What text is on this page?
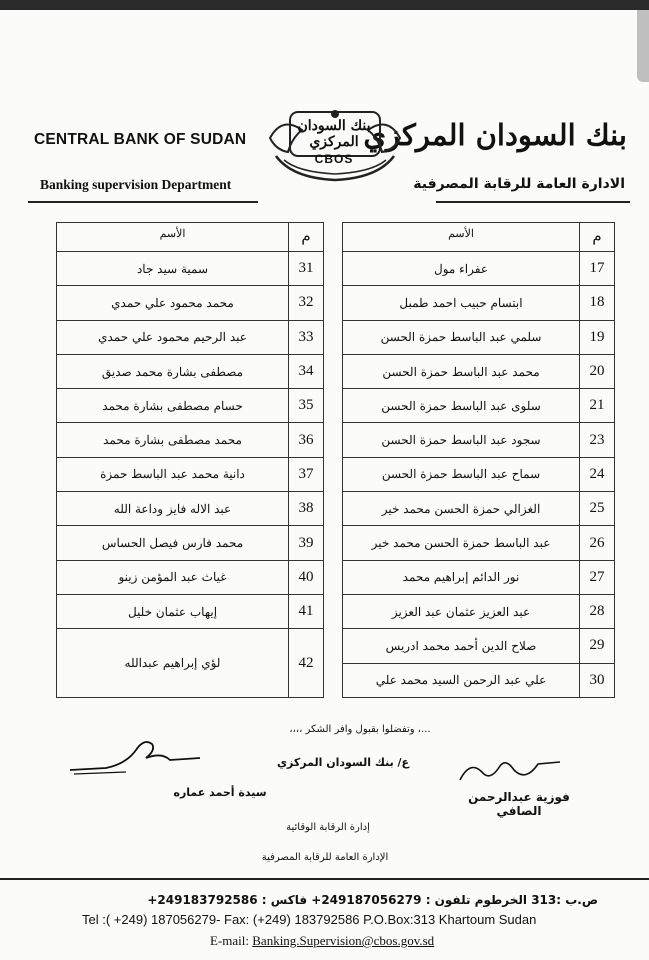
CENTRAL BANK OF SUDAN
Banking supervision Department
بنك السودان المركزي
الادارة العامة للرقابة المصرفية
بنك السودان المركزي
CBOS
م	الأسم		م	الأسم

17	عفراء مول		31	سمية سيد جاد
18	ابتسام حبيب احمد طمبل		32	محمد محمود علي حمدي
19	سلمي عبد الباسط حمزة الحسن		33	عبد الرحيم محمود علي حمدي
20	محمد عبد الباسط حمزة الحسن		34	مصطفى بشارة محمد صديق
21	سلوى عبد الباسط حمزة الحسن		35	حسام مصطفى بشارة محمد
23	سجود عبد الباسط حمزة الحسن		36	محمد مصطفى بشارة محمد
24	سماح عبد الباسط حمزة الحسن		37	دانية محمد عبد الباسط حمزة
25	الغزالي حمزة الحسن محمد خير		38	عبد الاله فايز وداعة الله
26	عبد الباسط حمزة الحسن محمد خير		39	محمد فارس فيصل الحساس
27	نور الدائم إبراهيم محمد		40	غياث عبد المؤمن زينو
28	عبد العزيز عثمان عبد العزيز		41	إيهاب عثمان خليل
29	صلاح الدين أحمد محمد ادريس		42	لؤي إبراهيم عبدالله
30	علي عبد الرحمن السيد محمد علي			
...، وتفضلوا بقبول وافر الشكر ،،،،
ع/ بنك السودان المركزي
فوزية عبدالرحمن الصافي
سيدة أحمد عماره
إدارة الرقابة الوقائية
الإدارة العامة للرقابة المصرفية
ص.ب :313 الخرطوم تلفون : 249187056279+ فاكس : 249183792586+
Tel :( +249) 187056279- Fax: (+249) 183792586 P.O.Box:313 Khartoum Sudan
E-mail: Banking.Supervision@cbos.gov.sd
